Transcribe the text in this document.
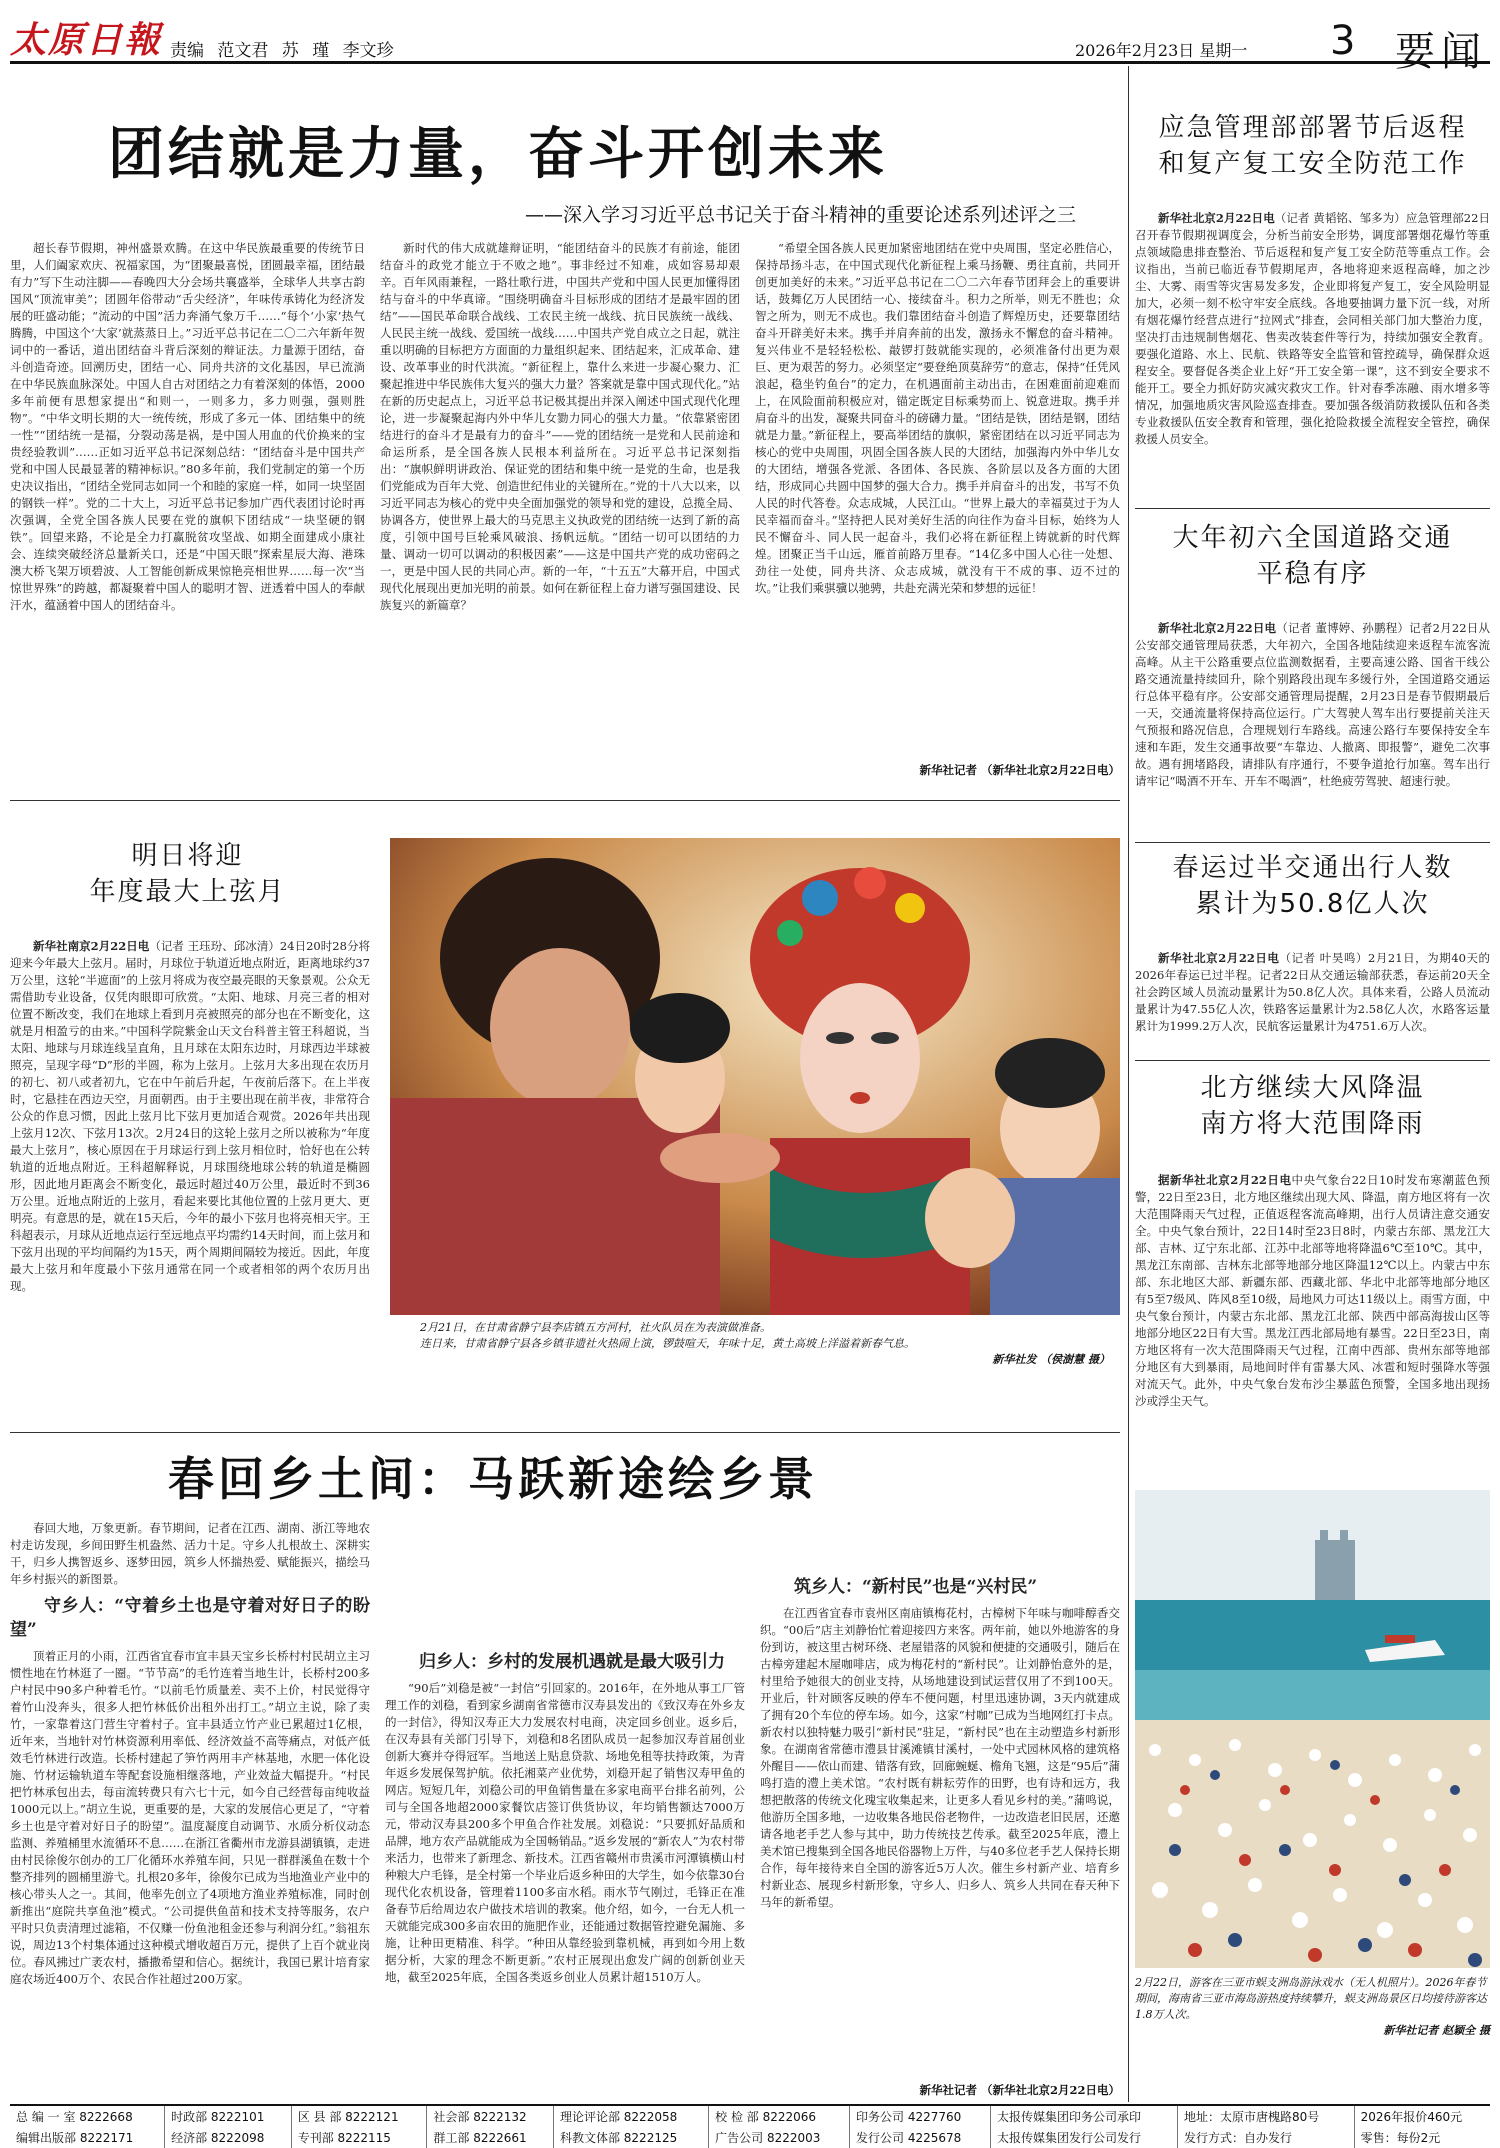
太原日報 责编 范文君 苏 瑾 李文珍	2026年2月23日 星期一 3 要闻
团结就是力量，奋斗开创未来
——深入学习习近平总书记关于奋斗精神的重要论述系列述评之三
超长春节假期，神州盛景欢腾。在这中华民族最重要的传统节日里，人们阖家欢庆、祝福家国，为“团聚最喜悦，团圆最幸福，团结最有力”写下生动注脚——春晚四大分会场共襄盛举，全球华人共享古韵国风“顶流审美”；团圆年俗带动“舌尖经济”，年味传承铸化为经济发展的旺盛动能；“流动的中国”活力奔涌气象万千……“每个‘小家’热气腾腾，中国这个‘大家’就蒸蒸日上。”习近平总书记在二〇二六年新年贺词中的一番话，道出团结奋斗背后深刻的辩证法。力量源于团结，奋斗创造奇迹。回溯历史，团结一心、同舟共济的文化基因，早已流淌在中华民族血脉深处。中国人自古对团结之力有着深刻的体悟，2000多年前便有思想家提出“和则一，一则多力，多力则强，强则胜物”。“中华文明长期的大一统传统，形成了多元一体、团结集中的统一性”“团结统一是福，分裂动荡是祸，是中国人用血的代价换来的宝贵经验教训”……正如习近平总书记深刻总结：“团结奋斗是中国共产党和中国人民最显著的精神标识。”80多年前，我们党制定的第一个历史决议指出，“团结全党同志如同一个和睦的家庭一样，如同一块坚固的钢铁一样”。党的二十大上，习近平总书记参加广西代表团讨论时再次强调，全党全国各族人民要在党的旗帜下团结成“一块坚硬的钢铁”。回望来路，不论是全力打赢脱贫攻坚战、如期全面建成小康社会、连续突破经济总量新关口，还是“中国天眼”探索星辰大海、港珠澳大桥飞架万顷碧波、人工智能创新成果惊艳亮相世界……每一次“当惊世界殊”的跨越，都凝聚着中国人的聪明才智、迸透着中国人的奉献汗水，蕴涵着中国人的团结奋斗。
新时代的伟大成就雄辩证明，“能团结奋斗的民族才有前途，能团结奋斗的政党才能立于不败之地”。事非经过不知难，成如容易却艰辛。百年风雨兼程，一路壮歌行进，中国共产党和中国人民更加懂得团结与奋斗的中华真谛。“围绕明确奋斗目标形成的团结才是最牢固的团结”——国民革命联合战线、工农民主统一战线、抗日民族统一战线、人民民主统一战线、爱国统一战线……中国共产党自成立之日起，就注重以明确的目标把方方面面的力量组织起来、团结起来，汇成革命、建设、改革事业的时代洪流。“新征程上，靠什么来进一步凝心聚力、汇聚起推进中华民族伟大复兴的强大力量？答案就是靠中国式现代化。”站在新的历史起点上，习近平总书记极其提出并深入阐述中国式现代化理论，进一步凝聚起海内外中华儿女勠力同心的强大力量。“依靠紧密团结进行的奋斗才是最有力的奋斗”——党的团结统一是党和人民前途和命运所系，是全国各族人民根本利益所在。习近平总书记深刻指出：“旗帜鲜明讲政治、保证党的团结和集中统一是党的生命，也是我们党能成为百年大党、创造世纪伟业的关键所在。”党的十八大以来，以习近平同志为核心的党中央全面加强党的领导和党的建设，总揽全局、协调各方，使世界上最大的马克思主义执政党的团结统一达到了新的高度，引领中国号巨轮乘风破浪、扬帆远航。“团结一切可以团结的力量、调动一切可以调动的积极因素”——这是中国共产党的成功密码之一，更是中国人民的共同心声。新的一年，“十五五”大幕开启，中国式现代化展现出更加光明的前景。如何在新征程上奋力谱写强国建设、民族复兴的新篇章？
“希望全国各族人民更加紧密地团结在党中央周围，坚定必胜信心，保持昂扬斗志，在中国式现代化新征程上乘马扬鞭、勇往直前，共同开创更加美好的未来。”习近平总书记在二〇二六年春节团拜会上的重要讲话，鼓舞亿万人民团结一心、接续奋斗。积力之所举，则无不胜也；众智之所为，则无不成也。我们靠团结奋斗创造了辉煌历史，还要靠团结奋斗开辟美好未来。携手并肩奔前的出发，激扬永不懈怠的奋斗精神。复兴伟业不是轻轻松松、敲锣打鼓就能实现的，必须准备付出更为艰巨、更为艰苦的努力。必须坚定“要登绝顶莫辞劳”的意志，保持“任凭风浪起，稳坐钓鱼台”的定力，在机遇面前主动出击，在困难面前迎难而上，在风险面前积极应对，锚定既定目标乘势而上、锐意进取。携手并肩奋斗的出发，凝聚共同奋斗的磅礴力量。“团结是铁，团结是钢，团结就是力量。”新征程上，要高举团结的旗帜，紧密团结在以习近平同志为核心的党中央周围，巩固全国各族人民的大团结，加强海内外中华儿女的大团结，增强各党派、各团体、各民族、各阶层以及各方面的大团结，形成同心共圆中国梦的强大合力。携手并肩奋斗的出发，书写不负人民的时代答卷。众志成城，人民江山。“世界上最大的幸福莫过于为人民幸福而奋斗。”坚持把人民对美好生活的向往作为奋斗目标，始终为人民不懈奋斗、同人民一起奋斗，我们必将在新征程上铸就新的时代辉煌。团聚正当千山远，雁首前路万里春。“14亿多中国人心往一处想、劲往一处使，同舟共济、众志成城，就没有干不成的事、迈不过的坎。”让我们乘骐骥以驰骋，共赴充满光荣和梦想的远征！
新华社记者 （新华社北京2月22日电）
应急管理部部署节后返程
和复产复工安全防范工作
新华社北京2月22日电（记者 黄韬铭、邹多为）应急管理部22日召开春节假期视调度会，分析当前安全形势，调度部署烟花爆竹等重点领域隐患排查整治、节后返程和复产复工安全防范等重点工作。会议指出，当前已临近春节假期尾声，各地将迎来返程高峰，加之沙尘、大雾、雨雪等灾害易发多发，企业即将复产复工，安全风险明显加大，必须一刻不松守牢安全底线。各地要抽调力量下沉一线，对所有烟花爆竹经营点进行“拉网式”排查，会同相关部门加大整治力度，坚决打击违规制售烟花、售卖改装套件等行为，持续加强安全教育。要强化道路、水上、民航、铁路等安全监管和管控疏导，确保群众返程安全。要督促各类企业上好“开工安全第一课”，这不到安全要求不能开工。要全力抓好防灾减灾救灾工作。针对春季冻融、雨水增多等情况，加强地质灾害风险巡查排查。要加强各级消防救援队伍和各类专业救援队伍安全教育和管理，强化抢险救援全流程安全管控，确保救援人员安全。
大年初六全国道路交通
平稳有序
新华社北京2月22日电（记者 董博婷、孙鹏程）记者2月22日从公安部交通管理局获悉，大年初六，全国各地陆续迎来返程车流客流高峰。从主干公路重要点位监测数据看，主要高速公路、国省干线公路交通流量持续回升，除个别路段出现车多缓行外，全国道路交通运行总体平稳有序。公安部交通管理局提醒，2月23日是春节假期最后一天，交通流量将保持高位运行。广大驾驶人驾车出行要提前关注天气预报和路况信息，合理规划行车路线。高速公路行车要保持安全车速和车距，发生交通事故要“车靠边、人撤离、即报警”，避免二次事故。遇有拥堵路段，请排队有序通行，不要争道抢行加塞。驾车出行请牢记“喝酒不开车、开车不喝酒”，杜绝疲劳驾驶、超速行驶。
春运过半交通出行人数
累计为50.8亿人次
新华社北京2月22日电（记者 叶昊鸣）2月21日，为期40天的2026年春运已过半程。记者22日从交通运输部获悉，春运前20天全社会跨区域人员流动量累计为50.8亿人次。具体来看，公路人员流动量累计为47.55亿人次，铁路客运量累计为2.58亿人次，水路客运量累计为1999.2万人次，民航客运量累计为4751.6万人次。
北方继续大风降温
南方将大范围降雨
据新华社北京2月22日电中央气象台22日10时发布寒潮蓝色预警，22日至23日，北方地区继续出现大风、降温，南方地区将有一次大范围降雨天气过程，正值返程客流高峰期，出行人员请注意交通安全。中央气象台预计，22日14时至23日8时，内蒙古东部、黑龙江大部、吉林、辽宁东北部、江苏中北部等地将降温6℃至10℃。其中，黑龙江东南部、吉林东北部等地部分地区降温12℃以上。内蒙古中东部、东北地区大部、新疆东部、西藏北部、华北中北部等地部分地区有5至7级风、阵风8至10级，局地风力可达11级以上。雨雪方面，中央气象台预计，内蒙古东北部、黑龙江北部、陕西中部高海拔山区等地部分地区22日有大雪。黑龙江西北部局地有暴雪。22日至23日，南方地区将有一次大范围降雨天气过程，江南中西部、贵州东部等地部分地区有大到暴雨，局地间时伴有雷暴大风、冰雹和短时强降水等强对流天气。此外，中央气象台发布沙尘暴蓝色预警，全国多地出现扬沙或浮尘天气。
明日将迎
年度最大上弦月
新华社南京2月22日电（记者 王珏玢、邱冰清）24日20时28分将迎来今年最大上弦月。届时，月球位于轨道近地点附近，距离地球约37万公里，这轮“半遮面”的上弦月将成为夜空最亮眼的天象景观。公众无需借助专业设备，仅凭肉眼即可欣赏。“太阳、地球、月亮三者的相对位置不断改变，我们在地球上看到月亮被照亮的部分也在不断变化，这就是月相盈亏的由来。”中国科学院紫金山天文台科普主管王科超说，当太阳、地球与月球连线呈直角，且月球在太阳东边时，月球西边半球被照亮，呈现字母“D”形的半圆，称为上弦月。上弦月大多出现在农历月的初七、初八或者初九，它在中午前后升起，午夜前后落下。在上半夜时，它悬挂在西边天空，月面朝西。由于主要出现在前半夜，非常符合公众的作息习惯，因此上弦月比下弦月更加适合观赏。2026年共出现上弦月12次、下弦月13次。2月24日的这轮上弦月之所以被称为“年度最大上弦月”，核心原因在于月球运行到上弦月相位时，恰好也在公转轨道的近地点附近。王科超解释说，月球围绕地球公转的轨道是椭圆形，因此地月距离会不断变化，最远时超过40万公里，最近时不到36万公里。近地点附近的上弦月，看起来要比其他位置的上弦月更大、更明亮。有意思的是，就在15天后，今年的最小下弦月也将亮相天宇。王科超表示，月球从近地点运行至远地点平均需约14天时间，而上弦月和下弦月出现的平均间隔约为15天，两个周期间隔较为接近。因此，年度最大上弦月和年度最小下弦月通常在同一个或者相邻的两个农历月出现。
2月21日，在甘肃省静宁县李店镇五方河村，社火队员在为表演做准备。
连日来，甘肃省静宁县各乡镇非遗社火热闹上演，锣鼓喧天，年味十足，黄土高坡上洋溢着新春气息。
新华社发 （侯澍慧 摄）
春回乡土间：马跃新途绘乡景

春回大地，万象更新。春节期间，记者在江西、湖南、浙江等地农村走访发现，乡间田野生机盎然、活力十足。守乡人扎根故土、深耕实干，归乡人携智返乡、逐梦田园，筑乡人怀揣热爱、赋能振兴，描绘马年乡村振兴的新图景。

守乡人：“守着乡土也是守着对好日子的盼望”

顶着正月的小雨，江西省宜春市宜丰县天宝乡长桥村村民胡立主习惯性地在竹林逛了一圈。“节节高”的毛竹连着当地生计，长桥村200多户村民中90多户种着毛竹。“以前毛竹质量差、卖不上价，村民觉得守着竹山没奔头，很多人把竹林低价出租外出打工。”胡立主说，除了卖竹，一家靠着这门营生守着村子。宜丰县适立竹产业已累超过1亿根，近年来，当地针对竹林资源利用率低、经济效益不高等痛点，对低产低效毛竹林进行改造。长桥村建起了笋竹两用丰产林基地，水肥一体化设施、竹材运输轨道车等配套设施相继落地，产业效益大幅提升。“村民把竹林承包出去，每亩流转费只有六七十元，如今自己经营每亩纯收益1000元以上。”胡立生说，更重要的是，大家的发展信心更足了，“守着乡土也是守着对好日子的盼望”。温度凝度自动调节、水质分析仪动态监测、养殖桶里水流循环不息……在浙江省衢州市龙游县湖镇镇，走进由村民徐俊尔创办的工厂化循环水养殖车间，只见一群群溪鱼在数十个整齐排列的圆桶里游弋。扎根20多年，徐俊尔已成为当地渔业产业中的核心带头人之一。其间，他率先创立了4项地方渔业养殖标准，同时创新推出“庭院共享鱼池”模式。“公司提供鱼苗和技术支持等服务，农户平时只负责清理过滤箱，不仅赚一份鱼池租金还参与利润分红。”翁祖东说，周边13个村集体通过这种模式增收超百万元，提供了上百个就业岗位。春风拂过广袤农村，播撒希望和信心。据统计，我国已累计培育家庭农场近400万个、农民合作社超过200万家。

归乡人：乡村的发展机遇就是最大吸引力

“90后”刘稳是被“一封信”引回家的。2016年，在外地从事工厂管理工作的刘稳，看到家乡湖南省常德市汉寿县发出的《致汉寿在外乡友的一封信》，得知汉寿正大力发展农村电商，决定回乡创业。返乡后，在汉寿县有关部门引导下，刘稳和8名团队成员一起参加汉寿首届创业创新大赛并夺得冠军。当地送上贴息贷款、场地免租等扶持政策，为青年返乡发展保驾护航。依托湘菜产业优势，刘稳开起了销售汉寿甲鱼的网店。短短几年，刘稳公司的甲鱼销售量在多家电商平台排名前列，公司与全国各地超2000家餐饮店签订供货协议，年均销售额达7000万元，带动汉寿县200多个甲鱼合作社发展。刘稳说：“只要抓好品质和品牌，地方农产品就能成为全国畅销品。”返乡发展的“新农人”为农村带来活力，也带来了新理念、新技术。江西省赣州市贵溪市河潭镇横山村种粮大户毛锋，是全村第一个毕业后返乡种田的大学生，如今依靠30台现代化农机设备，管理着1100多亩水稻。雨水节气刚过，毛锋正在准备春节后给周边农户做技术培训的教案。他介绍，如今，一台无人机一天就能完成300多亩农田的施肥作业，还能通过数据管控避免漏施、多施，让种田更精准、科学。“种田从靠经验到靠机械，再到如今用上数据分析，大家的理念不断更新。”农村正展现出愈发广阔的创新创业天地，截至2025年底，全国各类返乡创业人员累计超1510万人。

筑乡人：“新村民”也是“兴村民”

在江西省宜春市袁州区南庙镇梅花村，古樟树下年味与咖啡醇香交织。“00后”店主刘静怡忙着迎接四方来客。两年前，她以外地游客的身份到访，被这里古树环绕、老屋错落的风貌和便捷的交通吸引，随后在古樟旁建起木屋咖啡店，成为梅花村的“新村民”。让刘静怡意外的是，村里给予她很大的创业支持，从场地建设到试运营仅用了不到100天。开业后，针对顾客反映的停车不便问题，村里迅速协调，3天内就建成了拥有20个车位的停车场。如今，这家“村咖”已成为当地网红打卡点。新农村以独特魅力吸引“新村民”驻足，“新村民”也在主动塑造乡村新形象。在湖南省常德市澧县甘溪滩镇甘溪村，一处中式园林风格的建筑格外醒目——依山而建、错落有致，回廊蜿蜒、檐角飞翘，这是“95后”蒲鸣打造的澧上美术馆。“农村既有耕耘劳作的田野，也有诗和远方，我想把散落的传统文化瑰宝收集起来，让更多人看见乡村的美。”蒲鸣说，他游历全国多地，一边收集各地民俗老物件，一边改造老旧民居，还邀请各地老手艺人参与其中，助力传统技艺传承。截至2025年底，澧上美术馆已搜集到全国各地民俗器物上万件，与40多位老手艺人保持长期合作，每年接待来自全国的游客近5万人次。催生乡村新产业、培育乡村新业态、展现乡村新形象，守乡人、归乡人、筑乡人共同在春天种下马年的新希望。

新华社记者 （新华社北京2月22日电）
2月22日，游客在三亚市蜈支洲岛游泳戏水（无人机照片）。2026年春节期间，海南省三亚市海岛游热度持续攀升，蜈支洲岛景区日均接待游客达1.8万人次。
新华社记者 赵颖全 摄
总 编 一 室 8222668	时政部 8222101	区 县 部 8222121	社会部 8222132	理论评论部 8222058	校 检 部 8222066	印务公司 4227760	太报传媒集团印务公司承印	地址：太原市唐槐路80号	2026年报价460元
编辑出版部 8222171	经济部 8222098	专刊部 8222115	群工部 8222661	科教文体部 8222125	广告公司 8222003	发行公司 4225678	太报传媒集团发行公司发行	发行方式：自办发行	零售：每份2元
